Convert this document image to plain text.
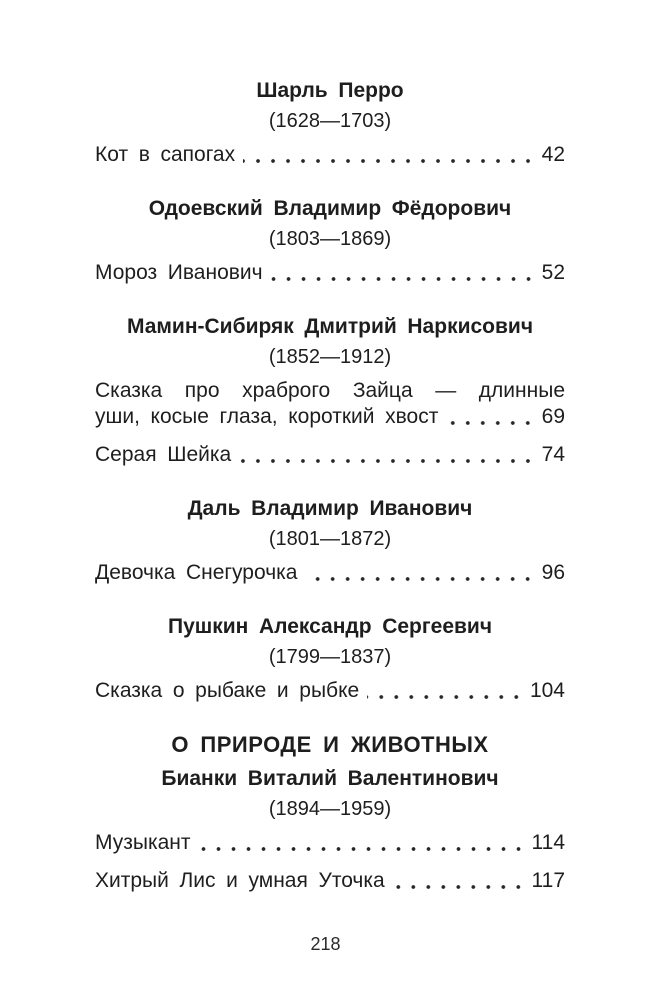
Шарль Перро
(1628—1703)
Кот в сапогах	42
Одоевский Владимир Фёдорович
(1803—1869)
Мороз Иванович	52
Мамин-Сибиряк Дмитрий Наркисович
(1852—1912)
Сказка про храброго Зайца — длинные
уши, косые глаза, короткий хвост	69
Серая Шейка	74
Даль Владимир Иванович
(1801—1872)
Девочка Снегурочка	96
Пушкин Александр Сергеевич
(1799—1837)
Сказка о рыбаке и рыбке	104
О ПРИРОДЕ И ЖИВОТНЫХ
Бианки Виталий Валентинович
(1894—1959)
Музыкант	114
Хитрый Лис и умная Уточка	117
218
